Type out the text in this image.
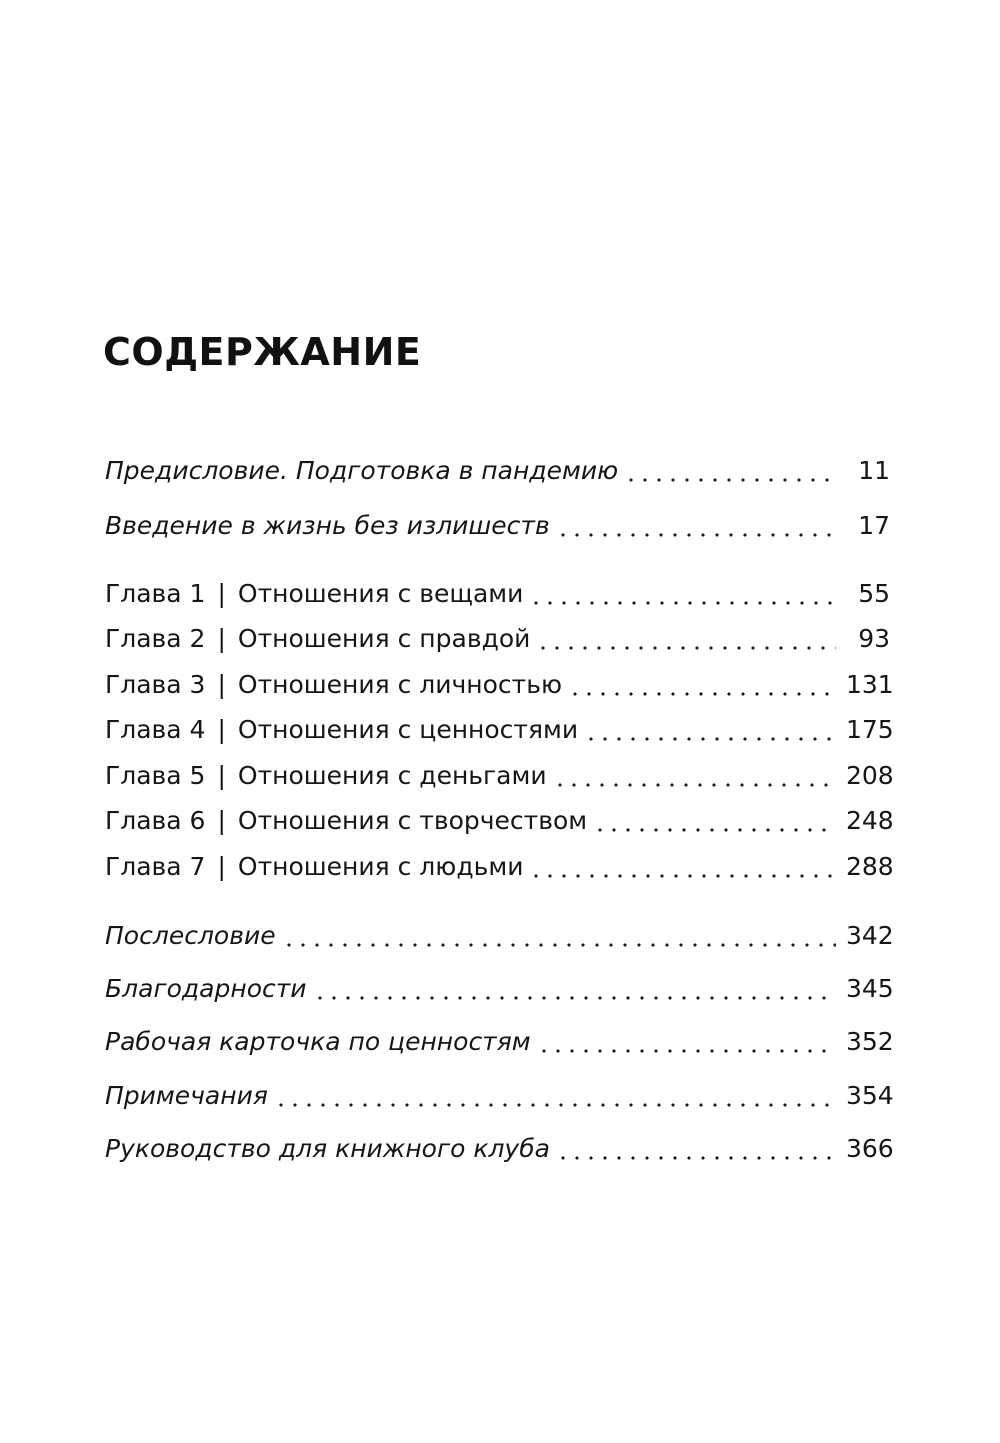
СОДЕРЖАНИЕ
Предисловие. Подготовка в пандемию	11
Введение в жизнь без излишеств	17
Глава 1 | Отношения с вещами	55
Глава 2 | Отношения с правдой	93
Глава 3 | Отношения с личностью	131
Глава 4 | Отношения с ценностями	175
Глава 5 | Отношения с деньгами	208
Глава 6 | Отношения с творчеством	248
Глава 7 | Отношения с людьми	288
Послесловие	342
Благодарности	345
Рабочая карточка по ценностям	352
Примечания	354
Руководство для книжного клуба	366
